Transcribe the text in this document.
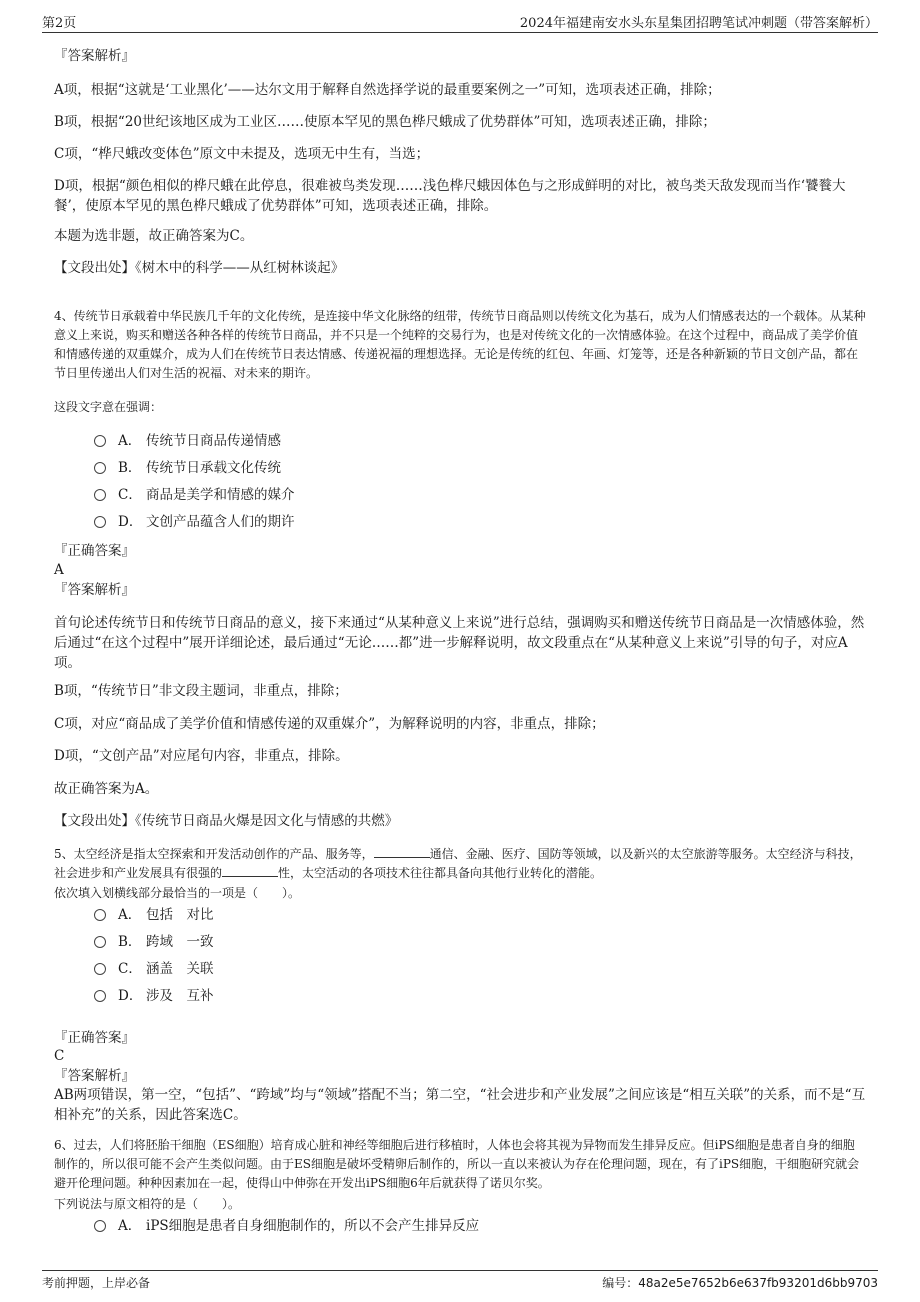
第2页	2024年福建南安水头东星集团招聘笔试冲刺题（带答案解析）
『答案解析』
A项，根据“这就是‘工业黑化’——达尔文用于解释自然选择学说的最重要案例之一”可知，选项表述正确，排除；
B项，根据“20世纪该地区成为工业区……使原本罕见的黑色桦尺蛾成了优势群体”可知，选项表述正确，排除；
C项，“桦尺蛾改变体色”原文中未提及，选项无中生有，当选；
D项，根据“颜色相似的桦尺蛾在此停息，很难被鸟类发现……浅色桦尺蛾因体色与之形成鲜明的对比，被鸟类天敌发现而当作‘饕餮大餐’，使原本罕见的黑色桦尺蛾成了优势群体”可知，选项表述正确，排除。
本题为选非题，故正确答案为C。
【文段出处】《树木中的科学——从红树林谈起》
4、传统节日承载着中华民族几千年的文化传统，是连接中华文化脉络的纽带，传统节日商品则以传统文化为基石，成为人们情感表达的一个载体。从某种意义上来说，购买和赠送各种各样的传统节日商品，并不只是一个纯粹的交易行为，也是对传统文化的一次情感体验。在这个过程中，商品成了美学价值和情感传递的双重媒介，成为人们在传统节日表达情感、传递祝福的理想选择。无论是传统的红包、年画、灯笼等，还是各种新颖的节日文创产品，都在节日里传递出人们对生活的祝福、对未来的期许。
这段文字意在强调：
A． 传统节日商品传递情感
B． 传统节日承载文化传统
C． 商品是美学和情感的媒介
D． 文创产品蕴含人们的期许
『正确答案』
A
『答案解析』
首句论述传统节日和传统节日商品的意义，接下来通过“从某种意义上来说”进行总结，强调购买和赠送传统节日商品是一次情感体验，然后通过“在这个过程中”展开详细论述，最后通过“无论……都”进一步解释说明，故文段重点在“从某种意义上来说”引导的句子，对应A项。
B项，“传统节日”非文段主题词，非重点，排除；
C项，对应“商品成了美学价值和情感传递的双重媒介”，为解释说明的内容，非重点，排除；
D项，“文创产品”对应尾句内容，非重点，排除。
故正确答案为A。
【文段出处】《传统节日商品火爆是因文化与情感的共燃》
5、太空经济是指太空探索和开发活动创作的产品、服务等，	通信、金融、医疗、国防等领域，以及新兴的太空旅游等服务。太空经济与科技，社会进步和产业发展具有很强的	性，太空活动的各项技术往往都具备向其他行业转化的潜能。
依次填入划横线部分最恰当的一项是（　　）。
A． 包括　对比
B． 跨域　一致
C． 涵盖　关联
D． 涉及　互补
『正确答案』
C
『答案解析』
AB两项错误，第一空，“包括”、“跨域”均与“领域”搭配不当；第二空，“社会进步和产业发展”之间应该是“相互关联”的关系，而不是“互相补充”的关系，因此答案选C。
6、过去，人们将胚胎干细胞（ES细胞）培育成心脏和神经等细胞后进行移植时，人体也会将其视为异物而发生排异反应。但iPS细胞是患者自身的细胞制作的，所以很可能不会产生类似问题。由于ES细胞是破坏受精卵后制作的，所以一直以来被认为存在伦理问题，现在，有了iPS细胞，干细胞研究就会避开伦理问题。种种因素加在一起，使得山中伸弥在开发出iPS细胞6年后就获得了诺贝尔奖。
下列说法与原文相符的是（　　）。
A． iPS细胞是患者自身细胞制作的，所以不会产生排异反应
考前押题，上岸必备	编号：48a2e5e7652b6e637fb93201d6bb9703
